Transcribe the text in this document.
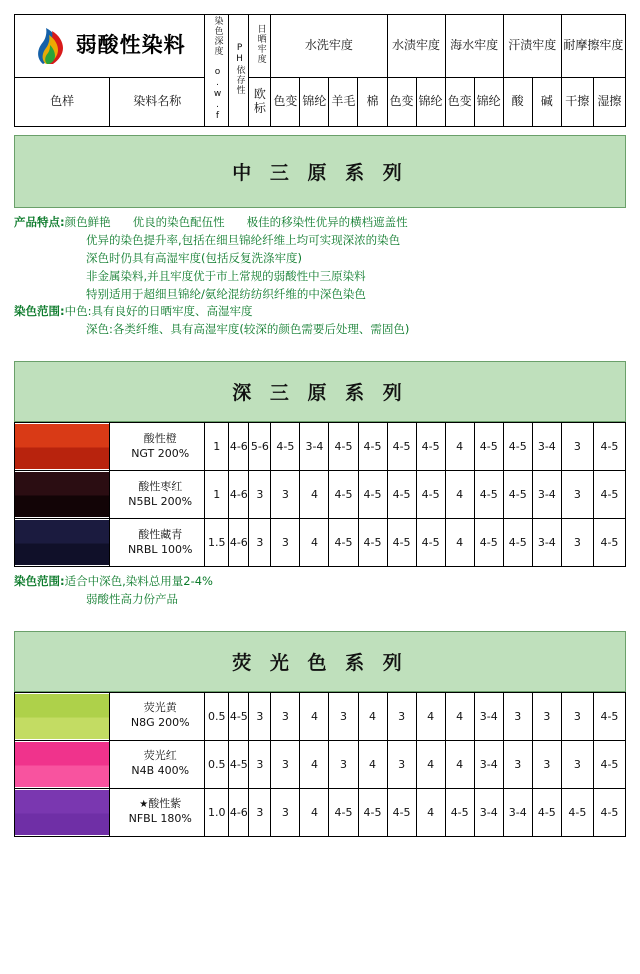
弱酸性染料		染色深度 o.w.f	PH依存性	日晒牢度	水洗牢度				水渍牢度		海水牢度		汗渍牢度		耐摩擦牢度	
色样	染料名称			欧标	色变	锦纶	羊毛	棉	色变	锦纶	色变	锦纶	酸	碱	干擦	湿擦
中 三 原 系 列
产品特点: 颜色鲜艳 优良的染色配伍性 极佳的移染性优异的横档遮盖性
优异的染色提升率,包括在细旦锦纶纤维上均可实现深浓的染色
深色时仍具有高湿牢度(包括反复洗涤牢度)
非金属染料,并且牢度优于市上常规的弱酸性中三原染料
特别适用于超细旦锦纶/氨纶混纺纺织纤维的中深色染色
染色范围: 中色:具有良好的日晒牢度、高湿牢度
深色:各类纤维、具有高湿牢度(较深的颜色需要后处理、需固色)
深 三 原 系 列

	酸性橙
NGT 200%	1	4-6	5-6	4-5	3-4	4-5	4-5	4-5	4-5	4	4-5	4-5	3-4	3	4-5

	酸性枣红
N5BL 200%	1	4-6	3	3	4	4-5	4-5	4-5	4-5	4	4-5	4-5	3-4	3	4-5

	酸性藏青
NRBL 100%	1.5	4-6	3	3	4	4-5	4-5	4-5	4-5	4	4-5	4-5	3-4	3	4-5
染色范围: 适合中深色,染料总用量2-4%
弱酸性高力份产品
荧 光 色 系 列

	荧光黄
N8G 200%	0.5	4-5	3	3	4	3	4	3	4	4	3-4	3	3	3	4-5

	荧光红
N4B 400%	0.5	4-5	3	3	4	3	4	3	4	4	3-4	3	3	3	4-5

	★酸性紫
NFBL 180%	1.0	4-6	3	3	4	4-5	4-5	4-5	4	4-5	3-4	3-4	4-5	4-5	4-5
